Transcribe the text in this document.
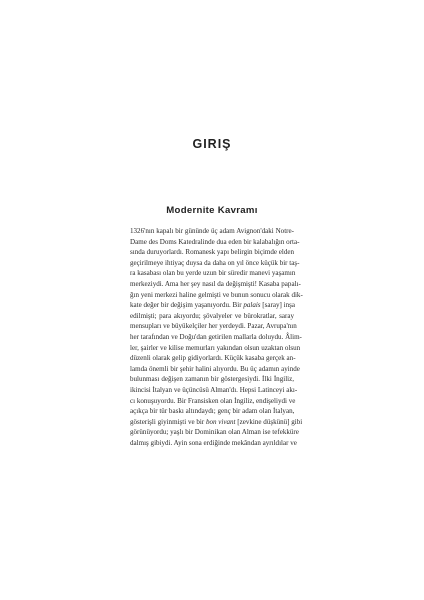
GIRIŞ
Modernite Kavramı
1326'nın kapalı bir gününde üç adam Avignon'daki Notre-
Dame des Doms Katedralinde dua eden bir kalabalığın orta-
sında duruyorlardı. Romanesk yapı belirgin biçimde elden
geçirilmeye ihtiyaç duysa da daha on yıl önce küçük bir taş-
ra kasabası olan bu yerde uzun bir süredir manevi yaşamın
merkeziydi. Ama her şey nasıl da değişmişti! Kasaba papalı-
ğın yeni merkezi haline gelmişti ve bunun sonucu olarak dik-
kate değer bir değişim yaşanıyordu. Bir palais [saray] inşa
edilmişti; para akıyordu; şövalyeler ve bürokratlar, saray
mensupları ve büyükelçiler her yerdeydi. Pazar, Avrupa'nın
her tarafından ve Doğu'dan getirilen mallarla doluydu. Âlim-
ler, şairler ve kilise memurları yakından olsun uzaktan olsun
düzenli olarak gelip gidiyorlardı. Küçük kasaba gerçek an-
lamda önemli bir şehir halini alıyordu. Bu üç adamın ayinde
bulunması değişen zamanın bir göstergesiydi. İlki İngiliz,
ikincisi İtalyan ve üçüncüsü Alman'dı. Hepsi Latinceyi akı-
cı konuşuyordu. Bir Fransisken olan İngiliz, endişeliydi ve
açıkça bir tür baskı altındaydı; genç bir adam olan İtalyan,
gösterişli giyinmişti ve bir bon vivant [zevkine düşkünü] gibi
görünüyordu; yaşlı bir Dominikan olan Alman ise tefekküre
dalmış gibiydi. Ayin sona erdiğinde mekândan ayrıldılar ve
